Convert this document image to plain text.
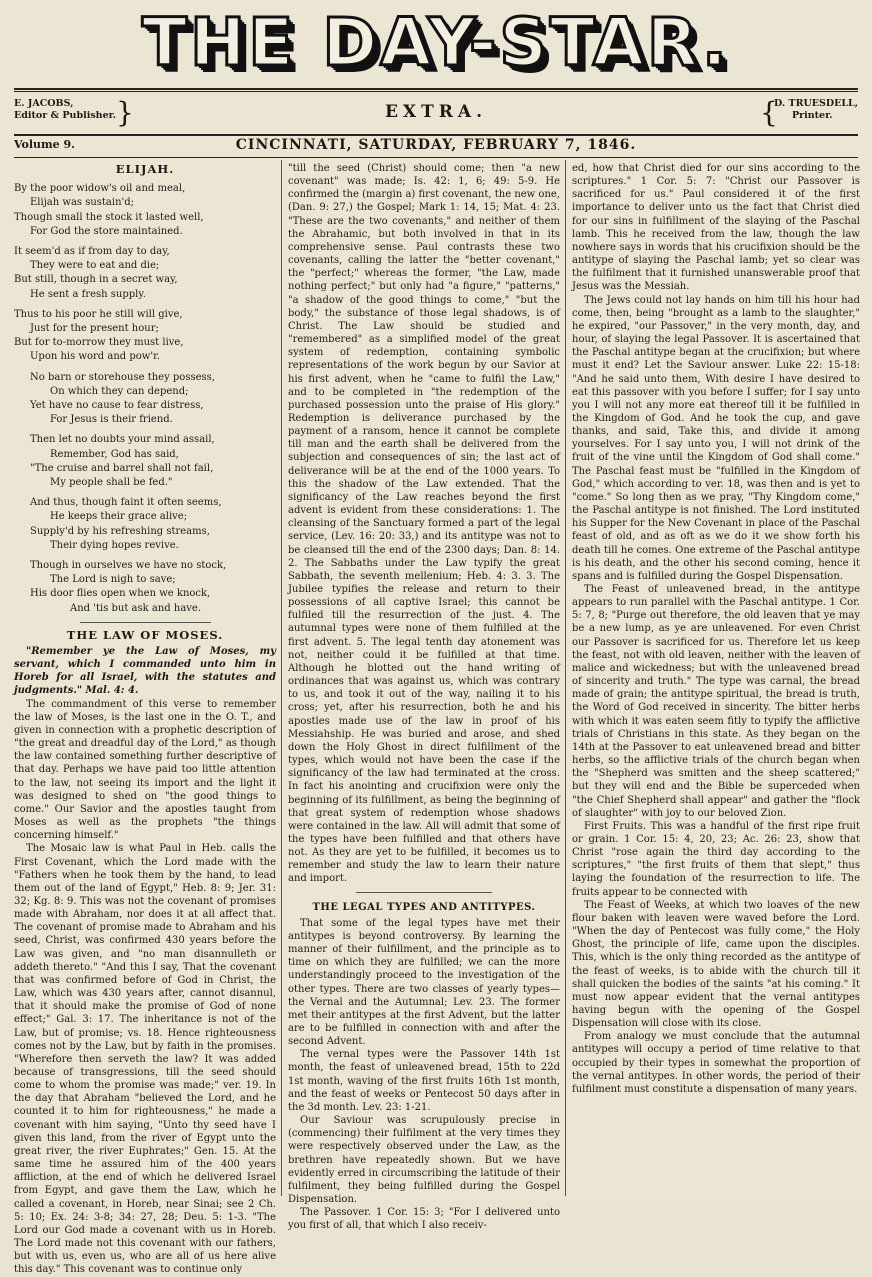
THE DAY-STAR.
E. JACOBS,
Editor & Publisher. }	EXTRA.	{
D. TRUESDELL,
Printer.
Volume 9.	CINCINNATI, SATURDAY, FEBRUARY 7, 1846.
ELIJAH.
By the poor widow's oil and meal,
Elijah was sustain'd;
Though small the stock it lasted well,
For God the store maintained.
It seem'd as if from day to day,
They were to eat and die;
But still, though in a secret way,
He sent a fresh supply.
Thus to his poor he still will give,
Just for the present hour;
But for to-morrow they must live,
Upon his word and pow'r.
No barn or storehouse they possess,
On which they can depend;
Yet have no cause to fear distress,
For Jesus is their friend.
Then let no doubts your mind assail,
Remember, God has said,
"The cruise and barrel shall not fail,
My people shall be fed."
And thus, though faint it often seems,
He keeps their grace alive;
Supply'd by his refreshing streams,
Their dying hopes revive.
Though in ourselves we have no stock,
The Lord is nigh to save;
His door flies open when we knock,
And 'tis but ask and have.
THE LAW OF MOSES.

"Remember ye the Law of Moses, my servant, which I commanded unto him in Horeb for all Israel, with the statutes and judgments." Mal. 4: 4.

The commandment of this verse to remember the law of Moses, is the last one in the O. T., and given in connection with a prophetic description of "the great and dreadful day of the Lord," as though the law contained something further descriptive of that day. Perhaps we have paid too little attention to the law, not seeing its import and the light it was designed to shed on "the good things to come." Our Savior and the apostles taught from Moses as well as the prophets "the things concerning himself."

The Mosaic law is what Paul in Heb. calls the First Covenant, which the Lord made with the "Fathers when he took them by the hand, to lead them out of the land of Egypt," Heb. 8: 9; Jer. 31: 32; Kg. 8: 9. This was not the covenant of promises made with Abraham, nor does it at all affect that. The covenant of promise made to Abraham and his seed, Christ, was confirmed 430 years before the Law was given, and "no man disannulleth or addeth thereto." "And this I say, That the covenant that was confirmed before of God in Christ, the Law, which was 430 years after, cannot disannul, that it should make the promise of God of none effect;" Gal. 3: 17. The inheritance is not of the Law, but of promise; vs. 18. Hence righteousness comes not by the Law, but by faith in the promises. "Wherefore then serveth the law? It was added because of transgressions, till the seed should come to whom the promise was made;" ver. 19. In the day that Abraham "believed the Lord, and he counted it to him for righteousness," he made a covenant with him saying, "Unto thy seed have I given this land, from the river of Egypt unto the great river, the river Euphrates;" Gen. 15. At the same time he assured him of the 400 years affliction, at the end of which he delivered Israel from Egypt, and gave them the Law, which he called a covenant, in Horeb, near Sinai; see 2 Ch. 5: 10; Ex. 24: 3-8; 34: 27, 28; Deu. 5: 1-3. "The Lord our God made a covenant with us in Horeb. The Lord made not this covenant with our fathers, but with us, even us, who are all of us here alive this day." This covenant was to continue only

"till the seed (Christ) should come; then "a new covenant" was made; Is. 42: 1, 6; 49: 5-9. He confirmed the (margin a) first covenant, the new one, (Dan. 9: 27,) the Gospel; Mark 1: 14, 15; Mat. 4: 23. "These are the two covenants," and neither of them the Abrahamic, but both involved in that in its comprehensive sense. Paul contrasts these two covenants, calling the latter the "better covenant," the "perfect;" whereas the former, "the Law, made nothing perfect;" but only had "a figure," "patterns," "a shadow of the good things to come," "but the body," the substance of those legal shadows, is of Christ. The Law should be studied and "remembered" as a simplified model of the great system of redemption, containing symbolic representations of the work begun by our Savior at his first advent, when he "came to fulfil the Law," and to be completed in "the redemption of the purchased possession unto the praise of His glory." Redemption is deliverance purchased by the payment of a ransom, hence it cannot be complete till man and the earth shall be delivered from the subjection and consequences of sin; the last act of deliverance will be at the end of the 1000 years. To this the shadow of the Law extended. That the significancy of the Law reaches beyond the first advent is evident from these considerations: 1. The cleansing of the Sanctuary formed a part of the legal service, (Lev. 16: 20: 33,) and its antitype was not to be cleansed till the end of the 2300 days; Dan. 8: 14. 2. The Sabbaths under the Law typify the great Sabbath, the seventh mellenium; Heb. 4: 3. 3. The Jubilee typifies the release and return to their possessions of all captive Israel; this cannot be fulfiled till the resurrection of the just. 4. The autumnal types were none of them fulfilled at the first advent. 5. The legal tenth day atonement was not, neither could it be fulfilled at that time. Although he blotted out the hand writing of ordinances that was against us, which was contrary to us, and took it out of the way, nailing it to his cross; yet, after his resurrection, both he and his apostles made use of the law in proof of his Messiahship. He was buried and arose, and shed down the Holy Ghost in direct fulfillment of the types, which would not have been the case if the significancy of the law had terminated at the cross. In fact his anointing and crucifixion were only the beginning of its fulfillment, as being the beginning of that great system of redemption whose shadows were contained in the law. All will admit that some of the types have been fulfilled and that others have not. As they are yet to be fulfilled, it becomes us to remember and study the law to learn their nature and import.

THE LEGAL TYPES AND ANTITYPES.

That some of the legal types have met their antitypes is beyond controversy. By learning the manner of their fulfillment, and the principle as to time on which they are fulfilled; we can the more understandingly proceed to the investigation of the other types. There are two classes of yearly types—the Vernal and the Autumnal; Lev. 23. The former met their antitypes at the first Advent, but the latter are to be fulfilled in connection with and after the second Advent.

The vernal types were the Passover 14th 1st month, the feast of unleavened bread, 15th to 22d 1st month, waving of the first fruits 16th 1st month, and the feast of weeks or Pentecost 50 days after in the 3d month. Lev. 23: 1-21.

Our Saviour was scrupulously precise in (commencing) their fulfilment at the very times they were respectively observed under the Law, as the brethren have repeatedly shown. But we have evidently erred in circumscribing the latitude of their fulfilment, they being fulfilled during the Gospel Dispensation.

The Passover. 1 Cor. 15: 3; "For I delivered unto you first of all, that which I also receiv-

ed, how that Christ died for our sins according to the scriptures." 1 Cor. 5: 7: "Christ our Passover is sacrificed for us." Paul considered it of the first importance to deliver unto us the fact that Christ died for our sins in fulfillment of the slaying of the Paschal lamb. This he received from the law, though the law nowhere says in words that his crucifixion should be the antitype of slaying the Paschal lamb; yet so clear was the fulfilment that it furnished unanswerable proof that Jesus was the Messiah.

The Jews could not lay hands on him till his hour had come, then, being "brought as a lamb to the slaughter," he expired, "our Passover," in the very month, day, and hour, of slaying the legal Passover. It is ascertained that the Paschal antitype began at the crucifixion; but where must it end? Let the Saviour answer. Luke 22: 15-18: "And he said unto them, With desire I have desired to eat this passover with you before I suffer; for I say unto you I will not any more eat thereof till it be fulfilled in the Kingdom of God. And he took the cup, and gave thanks, and said, Take this, and divide it among yourselves. For I say unto you, I will not drink of the fruit of the vine until the Kingdom of God shall come." The Paschal feast must be "fulfilled in the Kingdom of God," which according to ver. 18, was then and is yet to "come." So long then as we pray, "Thy Kingdom come," the Paschal antitype is not finished. The Lord instituted his Supper for the New Covenant in place of the Paschal feast of old, and as oft as we do it we show forth his death till he comes. One extreme of the Paschal antitype is his death, and the other his second coming, hence it spans and is fulfilled during the Gospel Dispensation.

The Feast of unleavened bread, in the antitype appears to run parallel with the Paschal antitype. 1 Cor. 5: 7, 8; "Purge out therefore, the old leaven that ye may be a new lump, as ye are unleavened. For even Christ our Passover is sacrificed for us. Therefore let us keep the feast, not with old leaven, neither with the leaven of malice and wickedness; but with the unleavened bread of sincerity and truth." The type was carnal, the bread made of grain; the antitype spiritual, the bread is truth, the Word of God received in sincerity. The bitter herbs with which it was eaten seem fitly to typify the afflictive trials of Christians in this state. As they began on the 14th at the Passover to eat unleavened bread and bitter herbs, so the afflictive trials of the church began when the "Shepherd was smitten and the sheep scattered;" but they will end and the Bible be superceded when "the Chief Shepherd shall appear" and gather the "flock of slaughter" with joy to our beloved Zion.

First Fruits. This was a handful of the first ripe fruit or grain. 1 Cor. 15: 4, 20, 23; Ac. 26: 23, show that Christ "rose again the third day according to the scriptures," "the first fruits of them that slept," thus laying the foundation of the resurrection to life. The fruits appear to be connected with

The Feast of Weeks, at which two loaves of the new flour baken with leaven were waved before the Lord. "When the day of Pentecost was fully come," the Holy Ghost, the principle of life, came upon the disciples. This, which is the only thing recorded as the antitype of the feast of weeks, is to abide with the church till it shall quicken the bodies of the saints "at his coming." It must now appear evident that the vernal antitypes having begun with the opening of the Gospel Dispensation will close with its close.

From analogy we must conclude that the autumnal antitypes will occupy a period of time relative to that occupied by their types in somewhat the proportion of the vernal antitypes. In other words, the period of their fulfilment must constitute a dispensation of many years.
